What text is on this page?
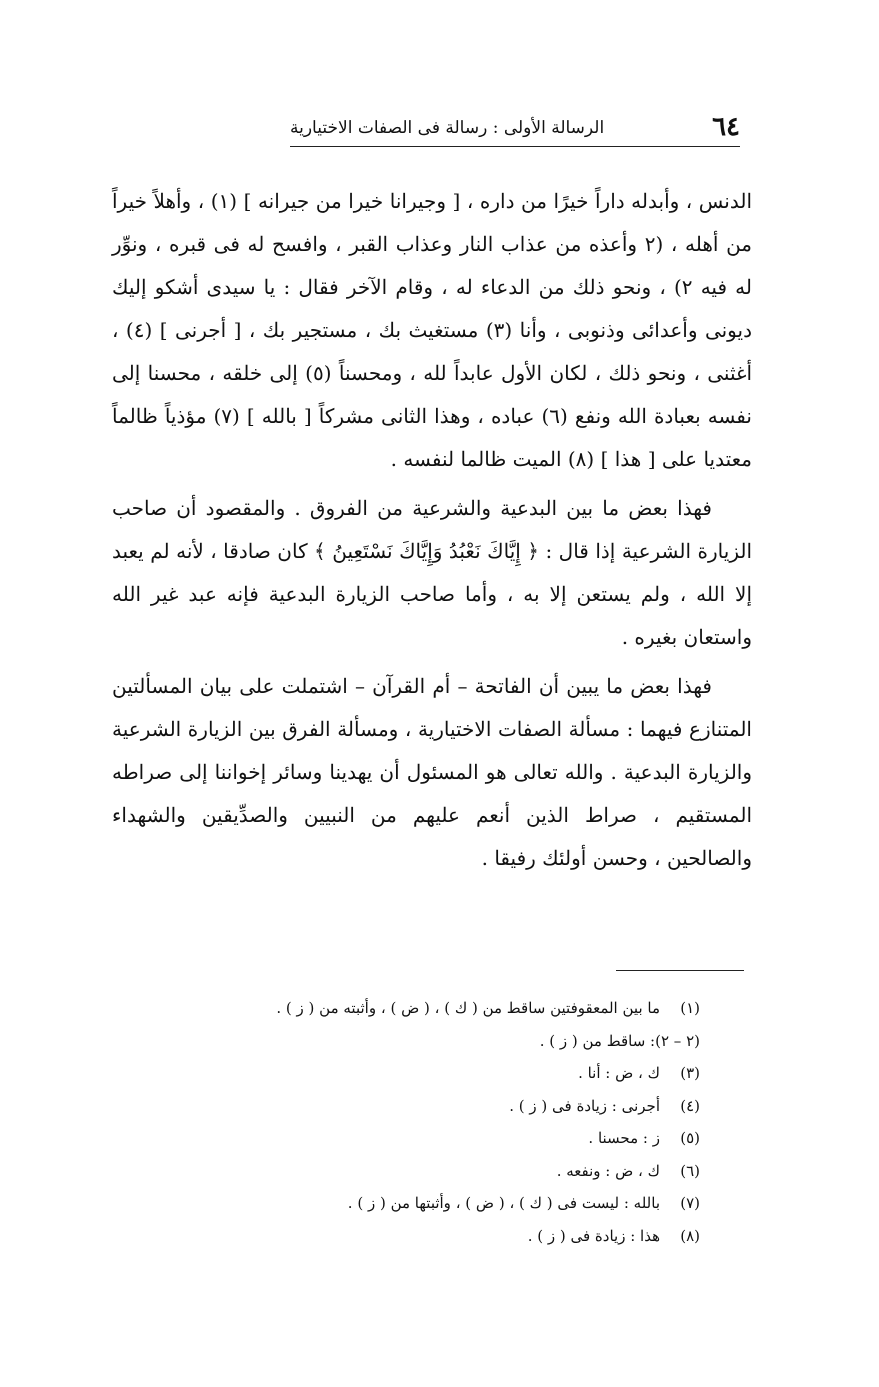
٦٤
الرسالة الأولى : رسالة فى الصفات الاختيارية

الدنس ، وأبدله داراً خيرًا من داره ، [ وجيرانا خيرا من جيرانه ] (١) ، وأهلاً خيراً من أهله ، (٢ وأعذه من عذاب النار وعذاب القبر ، وافسح له فى قبره ، ونوِّر له فيه ٢) ، ونحو ذلك من الدعاء له ، وقام الآخر فقال : يا سيدى أشكو إليك ديونى وأعدائى وذنوبى ، وأنا (٣) مستغيث بك ، مستجير بك ، [ أجرنى ] (٤) ، أغثنى ، ونحو ذلك ، لكان الأول عابداً لله ، ومحسناً (٥) إلى خلقه ، محسنا إلى نفسه بعبادة الله ونفع (٦) عباده ، وهذا الثانى مشركاً [ بالله ] (٧) مؤذياً ظالماً معتديا على [ هذا ] (٨) الميت ظالما لنفسه .

فهذا بعض ما بين البدعية والشرعية من الفروق . والمقصود أن صاحب الزيارة الشرعية إذا قال : ﴿ إِيَّاكَ نَعْبُدُ وَإِيَّاكَ نَسْتَعِينُ ﴾ كان صادقا ، لأنه لم يعبد إلا الله ، ولم يستعن إلا به ، وأما صاحب الزيارة البدعية فإنه عبد غير الله واستعان بغيره .

فهذا بعض ما يبين أن الفاتحة – أم القرآن – اشتملت على بيان المسألتين المتنازع فيهما : مسألة الصفات الاختيارية ، ومسألة الفرق بين الزيارة الشرعية والزيارة البدعية . والله تعالى هو المسئول أن يهدينا وسائر إخواننا إلى صراطه المستقيم ، صراط الذين أنعم عليهم من النبيين والصدِّيقين والشهداء والصالحين ، وحسن أولئك رفيقا .

(١)
ما بين المعقوفتين ساقط من ( ك ) ، ( ض ) ، وأثبته من ( ز ) .
(٢ – ٢)
: ساقط من ( ز ) .
(٣)
ك ، ض : أنا .
(٤)
أجرنى : زيادة فى ( ز ) .
(٥)
ز : محسنا .
(٦)
ك ، ض : ونفعه .
(٧)
بالله : ليست فى ( ك ) ، ( ض ) ، وأثبتها من ( ز ) .
(٨)
هذا : زيادة فى ( ز ) .
